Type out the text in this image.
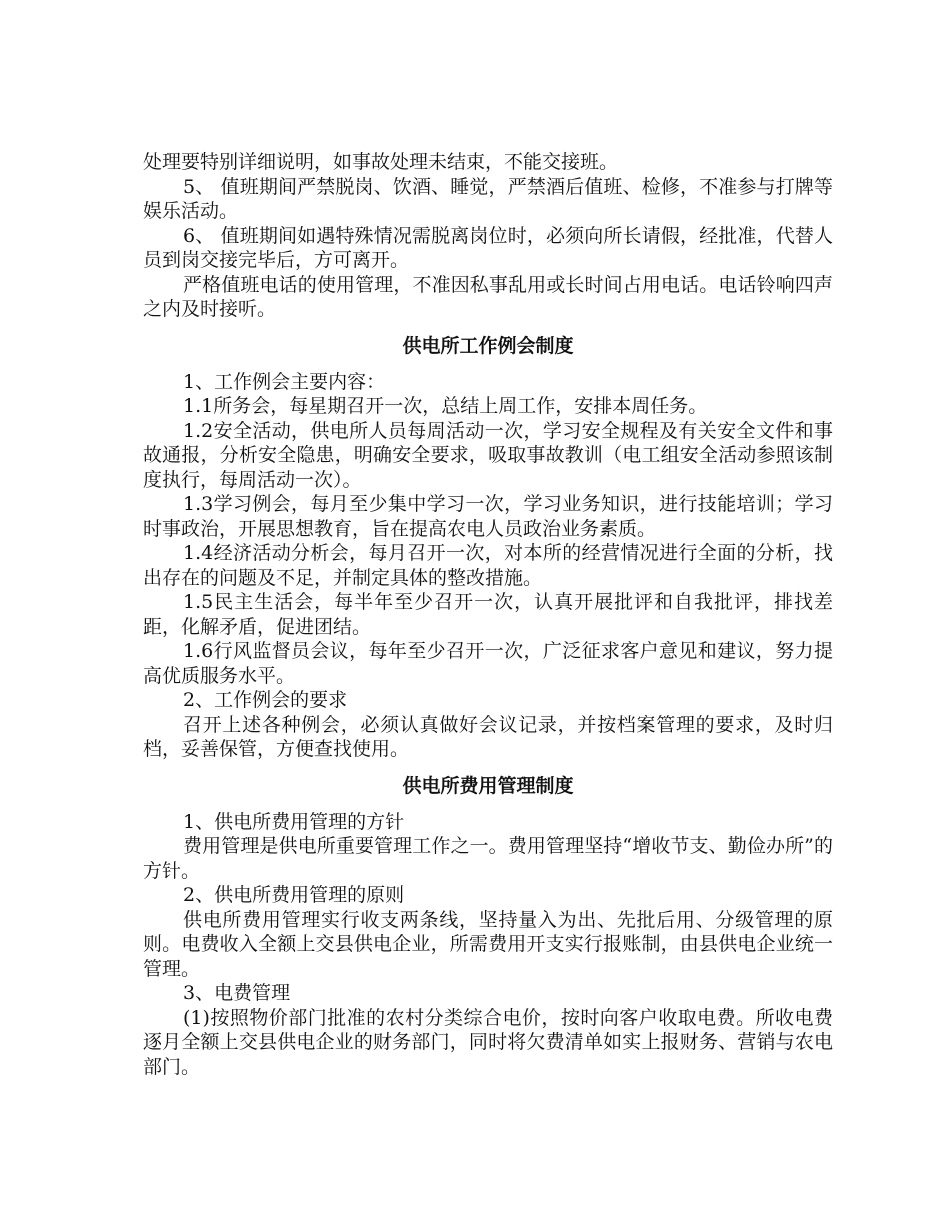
处理要特别详细说明，如事故处理未结束，不能交接班。

5、 值班期间严禁脱岗、饮酒、睡觉，严禁酒后值班、检修，不准参与打牌等娱乐活动。

6、 值班期间如遇特殊情况需脱离岗位时，必须向所长请假，经批准，代替人员到岗交接完毕后，方可离开。

严格值班电话的使用管理，不准因私事乱用或长时间占用电话。电话铃响四声之内及时接听。

供电所工作例会制度

1、工作例会主要内容：

1.1所务会，每星期召开一次，总结上周工作，安排本周任务。

1.2安全活动，供电所人员每周活动一次，学习安全规程及有关安全文件和事故通报，分析安全隐患，明确安全要求，吸取事故教训（电工组安全活动参照该制度执行，每周活动一次）。

1.3学习例会，每月至少集中学习一次，学习业务知识，进行技能培训；学习时事政治，开展思想教育，旨在提高农电人员政治业务素质。

1.4经济活动分析会，每月召开一次，对本所的经营情况进行全面的分析，找出存在的问题及不足，并制定具体的整改措施。

1.5民主生活会，每半年至少召开一次，认真开展批评和自我批评，排找差距，化解矛盾，促进团结。

1.6行风监督员会议，每年至少召开一次，广泛征求客户意见和建议，努力提高优质服务水平。

2、工作例会的要求

召开上述各种例会，必须认真做好会议记录，并按档案管理的要求，及时归档，妥善保管，方便查找使用。

供电所费用管理制度

1、供电所费用管理的方针

费用管理是供电所重要管理工作之一。费用管理坚持“增收节支、勤俭办所”的方针。

2、供电所费用管理的原则

供电所费用管理实行收支两条线，坚持量入为出、先批后用、分级管理的原则。电费收入全额上交县供电企业，所需费用开支实行报账制，由县供电企业统一管理。

3、电费管理

(1)按照物价部门批准的农村分类综合电价，按时向客户收取电费。所收电费逐月全额上交县供电企业的财务部门，同时将欠费清单如实上报财务、营销与农电部门。
